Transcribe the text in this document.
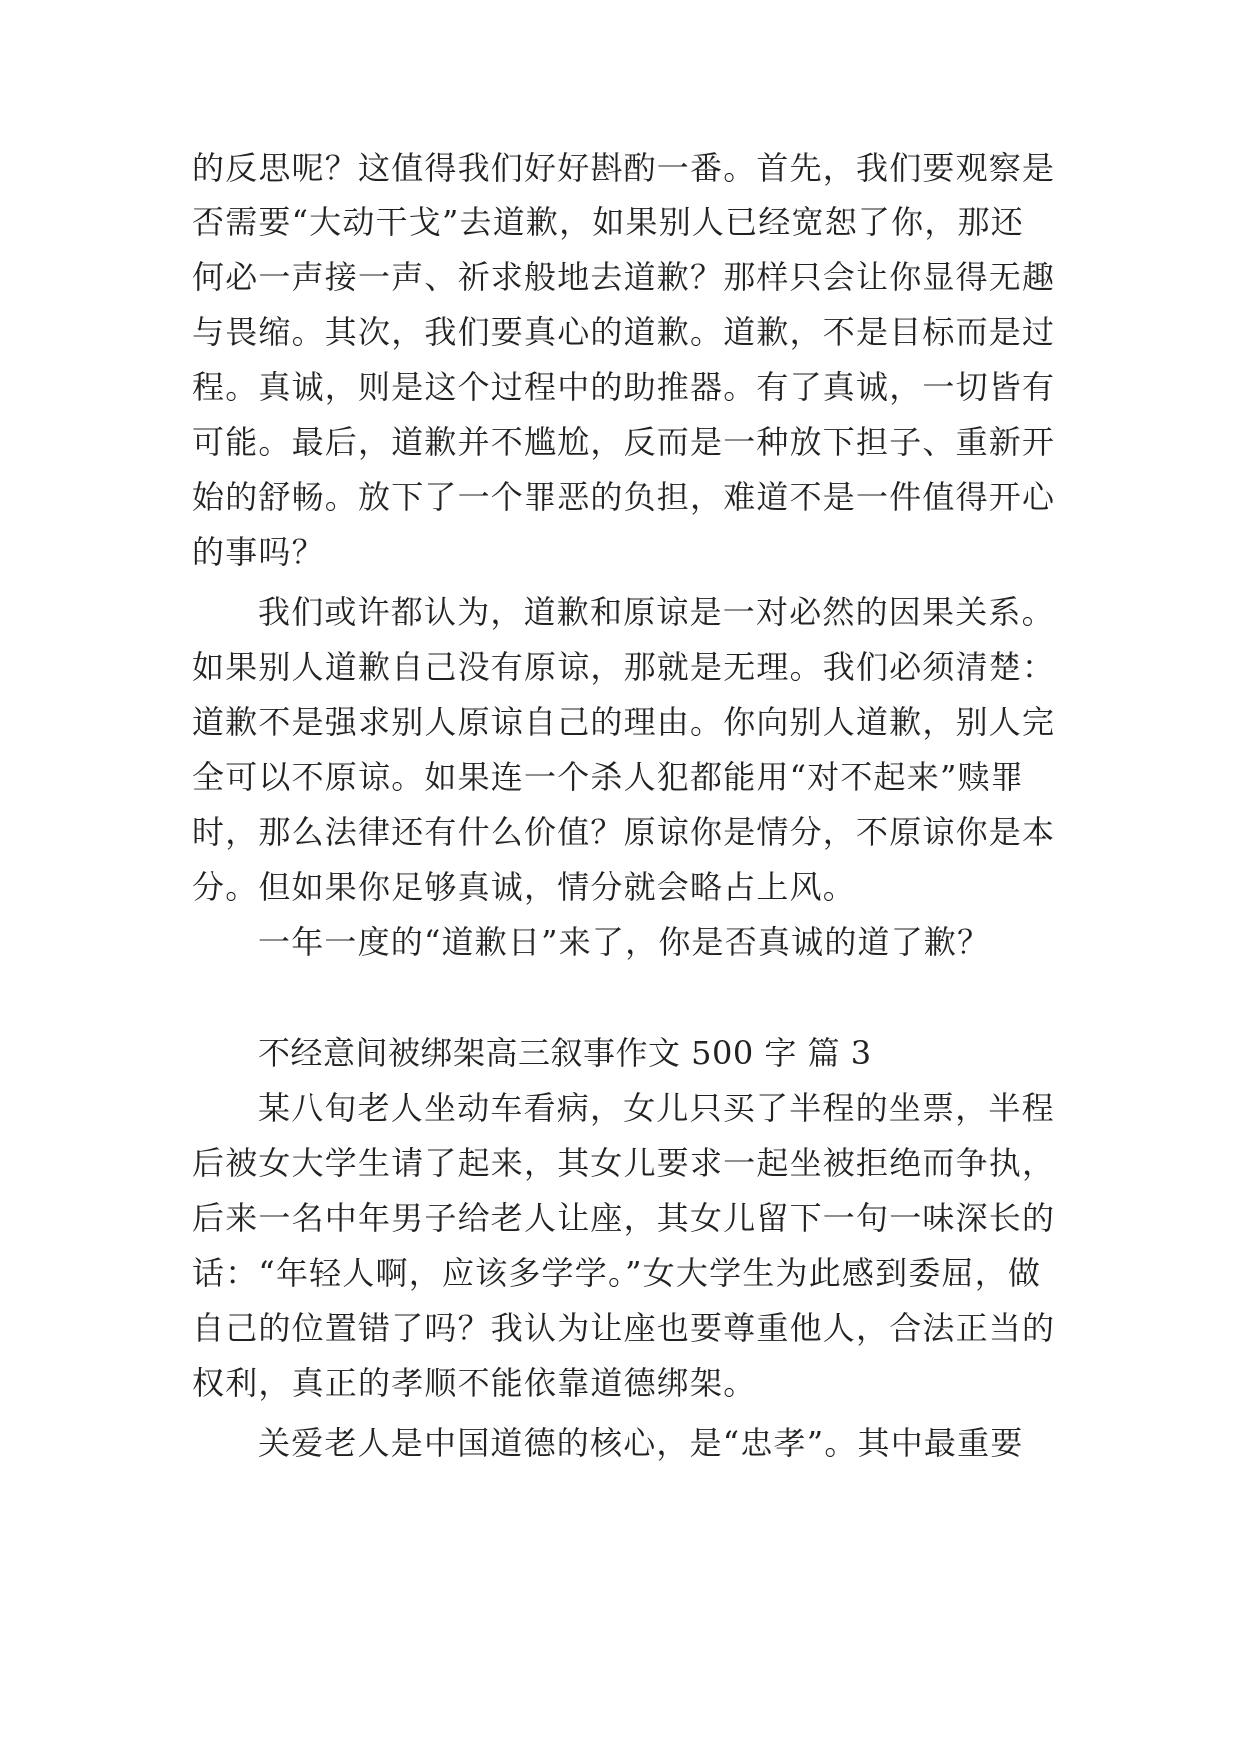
的反思呢？这值得我们好好斟酌一番。首先，我们要观察是
否需要“大动干戈”去道歉，如果别人已经宽恕了你，那还
何必一声接一声、祈求般地去道歉？那样只会让你显得无趣
与畏缩。其次，我们要真心的道歉。道歉，不是目标而是过
程。真诚，则是这个过程中的助推器。有了真诚，一切皆有
可能。最后，道歉并不尴尬，反而是一种放下担子、重新开
始的舒畅。放下了一个罪恶的负担，难道不是一件值得开心
的事吗？
我们或许都认为，道歉和原谅是一对必然的因果关系。
如果别人道歉自己没有原谅，那就是无理。我们必须清楚：
道歉不是强求别人原谅自己的理由。你向别人道歉，别人完
全可以不原谅。如果连一个杀人犯都能用“对不起来”赎罪
时，那么法律还有什么价值？原谅你是情分，不原谅你是本
分。但如果你足够真诚，情分就会略占上风。
一年一度的“道歉日”来了，你是否真诚的道了歉？
不经意间被绑架高三叙事作文 500 字 篇 3
某八旬老人坐动车看病，女儿只买了半程的坐票，半程
后被女大学生请了起来，其女儿要求一起坐被拒绝而争执，
后来一名中年男子给老人让座，其女儿留下一句一味深长的
话：“年轻人啊，应该多学学。”女大学生为此感到委屈，做
自己的位置错了吗？我认为让座也要尊重他人，合法正当的
权利，真正的孝顺不能依靠道德绑架。
关爱老人是中国道德的核心，是“忠孝”。其中最重要
